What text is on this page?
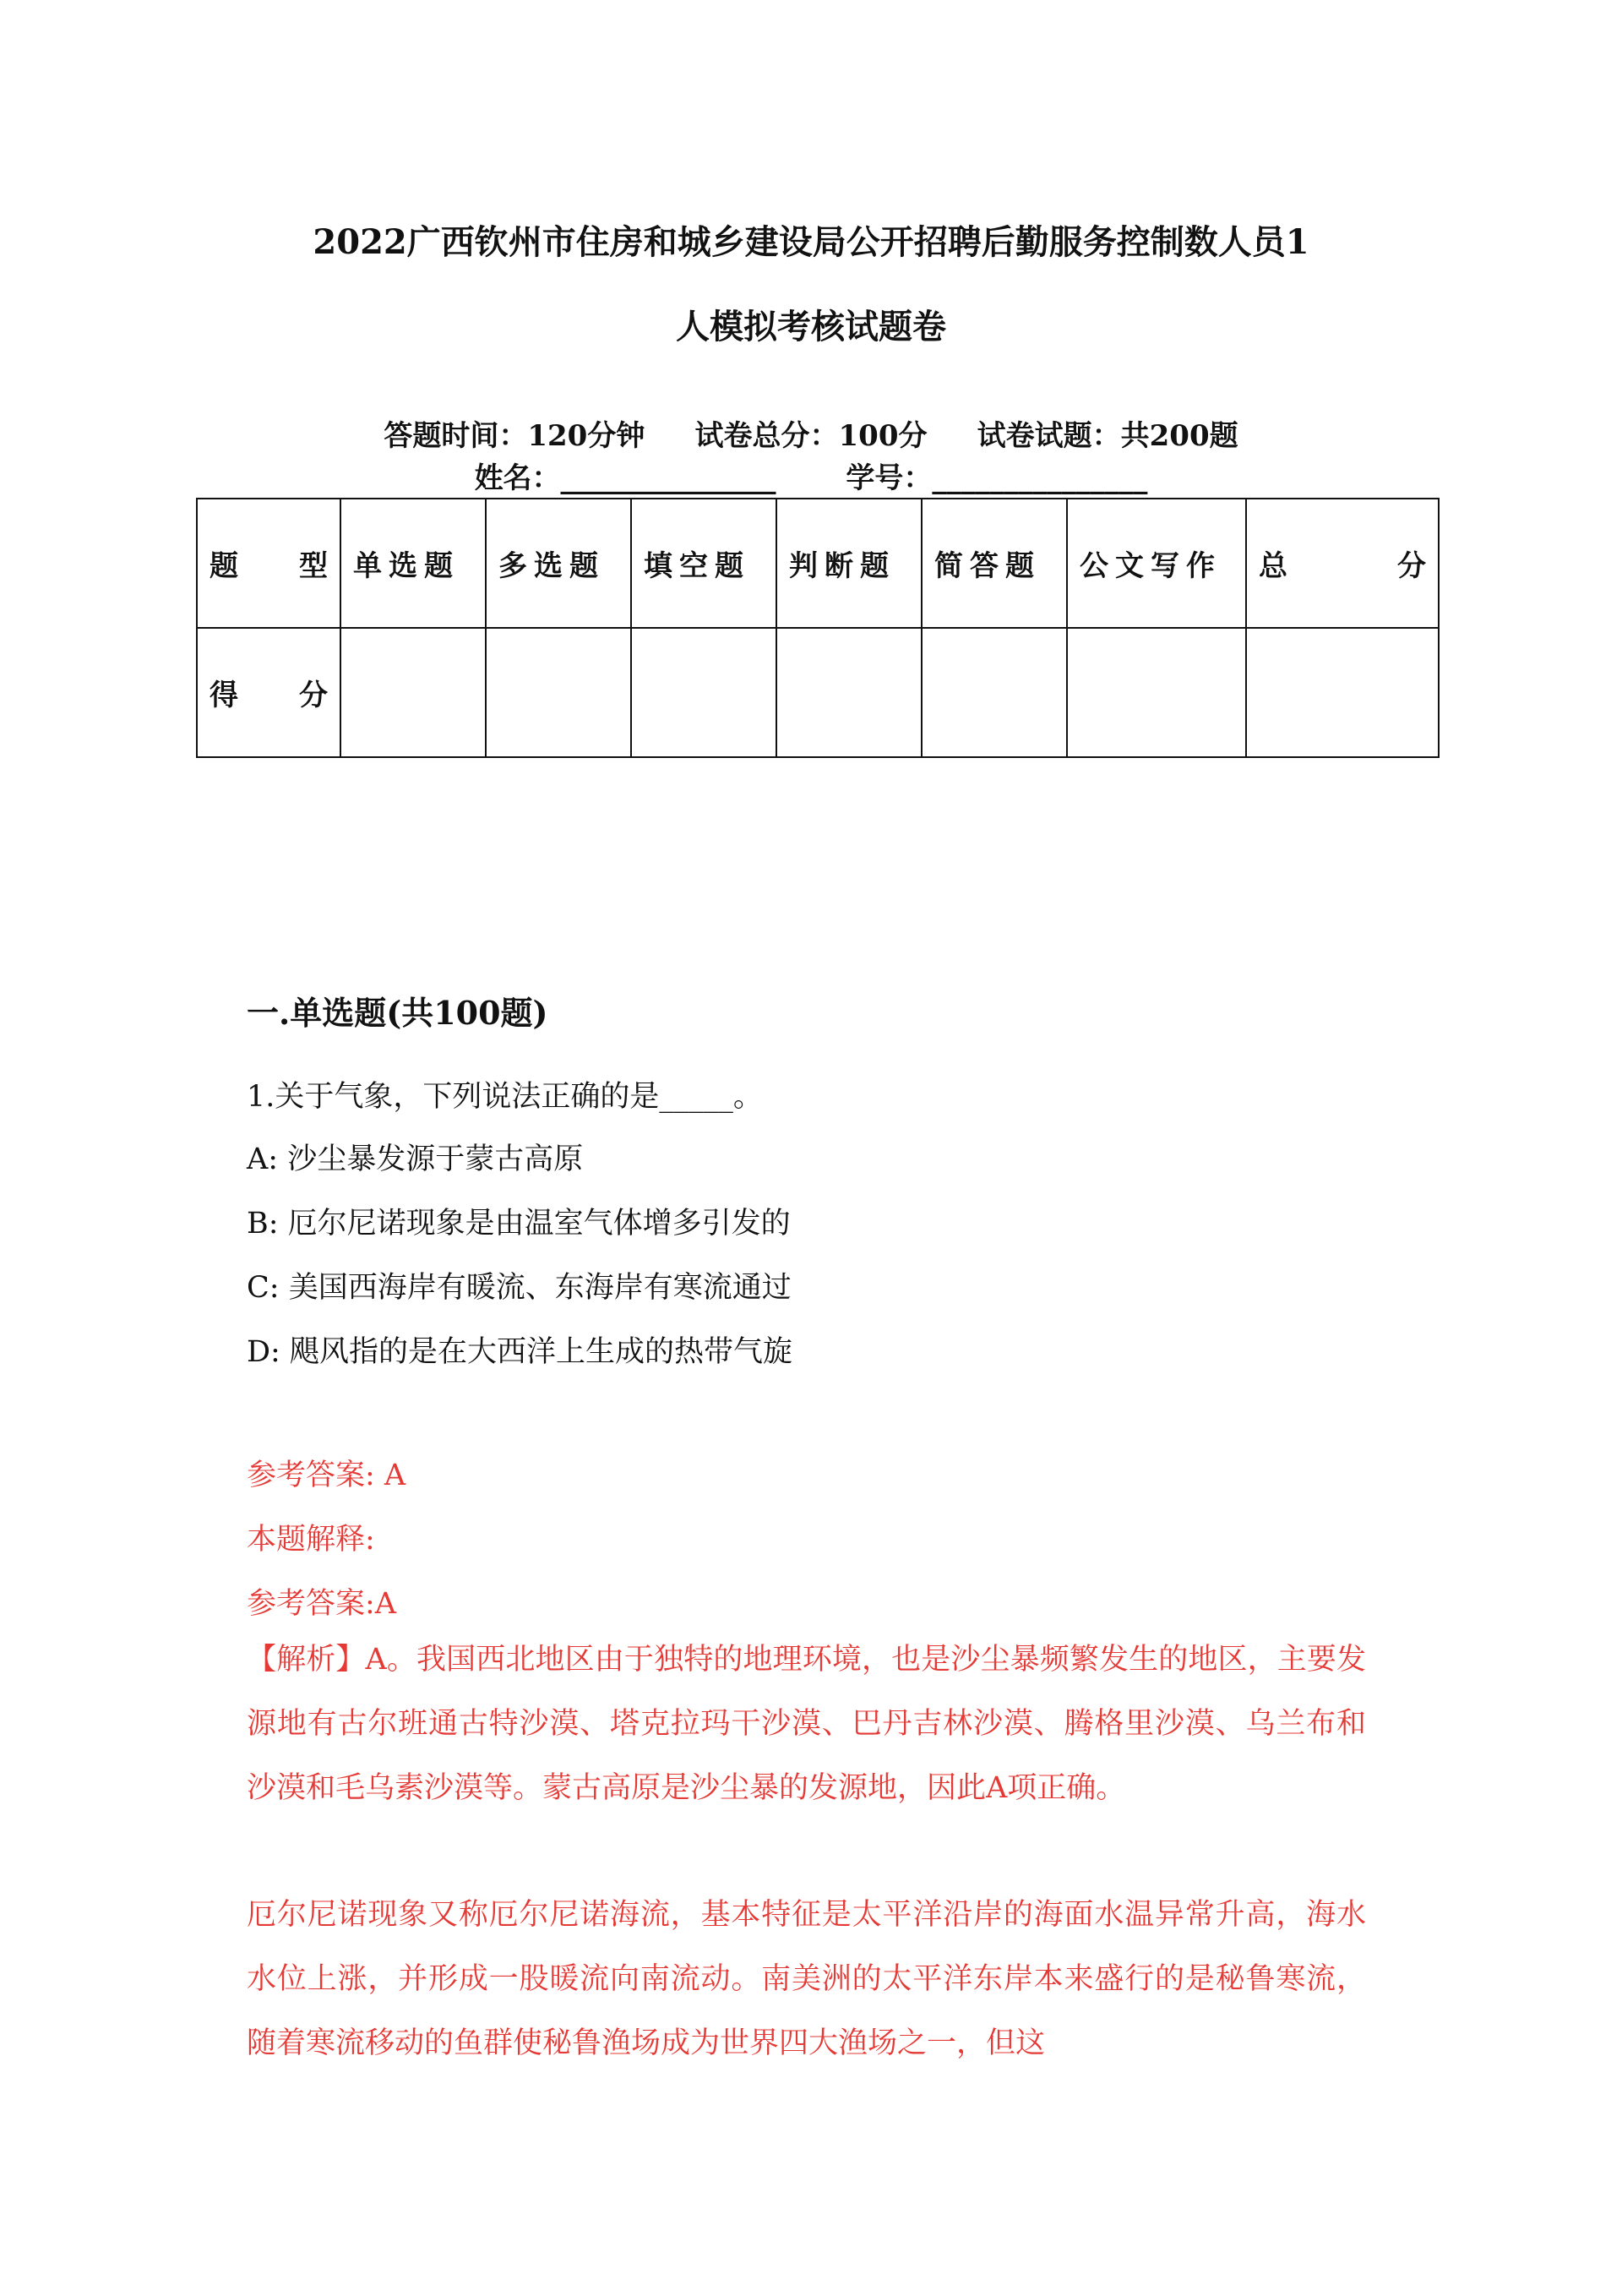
2022广西钦州市住房和城乡建设局公开招聘后勤服务控制数人员1
人模拟考核试题卷
答题时间：120分钟     试卷总分：100分     试卷试题：共200题
姓名：_______________       学号：_______________
题 型	单选题	多选题	填空题	判断题	简答题	公文写作	总 分

得 分							

一.单选题(共100题)
1.关于气象，下列说法正确的是_____。
A: 沙尘暴发源于蒙古高原
B: 厄尔尼诺现象是由温室气体增多引发的
C: 美国西海岸有暖流、东海岸有寒流通过
D: 飓风指的是在大西洋上生成的热带气旋
参考答案: A
本题解释:
参考答案:A
【解析】A。我国西北地区由于独特的地理环境，也是沙尘暴频繁发生的地区，主要发源地有古尔班通古特沙漠、塔克拉玛干沙漠、巴丹吉林沙漠、腾格里沙漠、乌兰布和沙漠和毛乌素沙漠等。蒙古高原是沙尘暴的发源地，因此A项正确。
厄尔尼诺现象又称厄尔尼诺海流，基本特征是太平洋沿岸的海面水温异常升高，海水水位上涨，并形成一股暖流向南流动。南美洲的太平洋东岸本来盛行的是秘鲁寒流，随着寒流移动的鱼群使秘鲁渔场成为世界四大渔场之一，但这
